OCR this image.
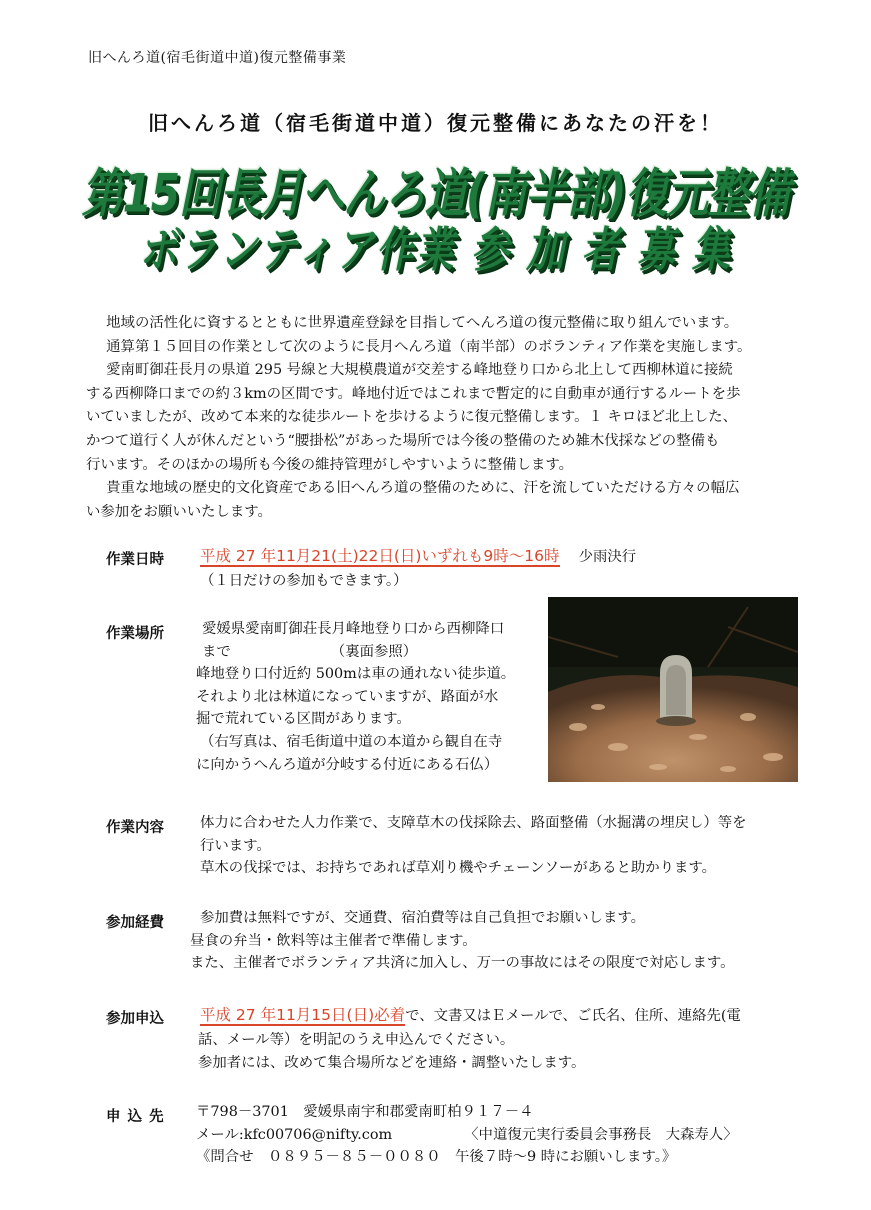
旧へんろ道(宿毛街道中道)復元整備事業
旧へんろ道（宿毛街道中道）復元整備にあなたの汗を！
第15回長月へんろ道(南半部)復元整備
ボランティア作業 参 加 者 募 集

地域の活性化に資するとともに世界遺産登録を目指してへんろ道の復元整備に取り組んでいます。

通算第１５回目の作業として次のように長月へんろ道（南半部）のボランティア作業を実施します。

愛南町御荘長月の県道 295 号線と大規模農道が交差する峰地登り口から北上して西柳林道に接続

する西柳降口までの約３kmの区間です。峰地付近ではこれまで暫定的に自動車が通行するルートを歩

いていましたが、改めて本来的な徒歩ルートを歩けるように復元整備します。１ キロほど北上した、

かつて道行く人が休んだという“腰掛松”があった場所では今後の整備のため雑木伐採などの整備も

行います。そのほかの場所も今後の維持管理がしやすいように整備します。

貴重な地域の歴史的文化資産である旧へんろ道の整備のために、汗を流していただける方々の幅広

い参加をお願いいたします。

作業日時 平成 27 年11月21(土)22日(日)いずれも9時～16時 少雨決行
（１日だけの参加もできます。）
作業場所	愛媛県愛南町御荘長月峰地登り口から西柳降口
まで	（裏面参照）
峰地登り口付近約 500mは車の通れない徒歩道。
それより北は林道になっていますが、路面が水
掘で荒れている区間があります。
（右写真は、宿毛街道中道の本道から観自在寺
に向かうへんろ道が分岐する付近にある石仏）
作業内容	体力に合わせた人力作業で、支障草木の伐採除去、路面整備（水掘溝の埋戻し）等を
行います。
草木の伐採では、お持ちであれば草刈り機やチェーンソーがあると助かります。
参加経費	参加費は無料ですが、交通費、宿泊費等は自己負担でお願いします。
昼食の弁当・飲料等は主催者で準備します。
また、主催者でボランティア共済に加入し、万一の事故にはその限度で対応します。
参加申込 平成 27 年11月15日(日)必着で、文書又はＥメールで、ご氏名、住所、連絡先(電
話、メール等）を明記のうえ申込んでください。
参加者には、改めて集合場所などを連絡・調整いたします。
申 込 先 〒798－3701　愛媛県南宇和郡愛南町柏９１７－４
メール:kfc00706@nifty.com	〈中道復元実行委員会事務長　大森寿人〉
《問合せ　０８９５－８５－００８０　午後７時～9 時にお願いします。》
